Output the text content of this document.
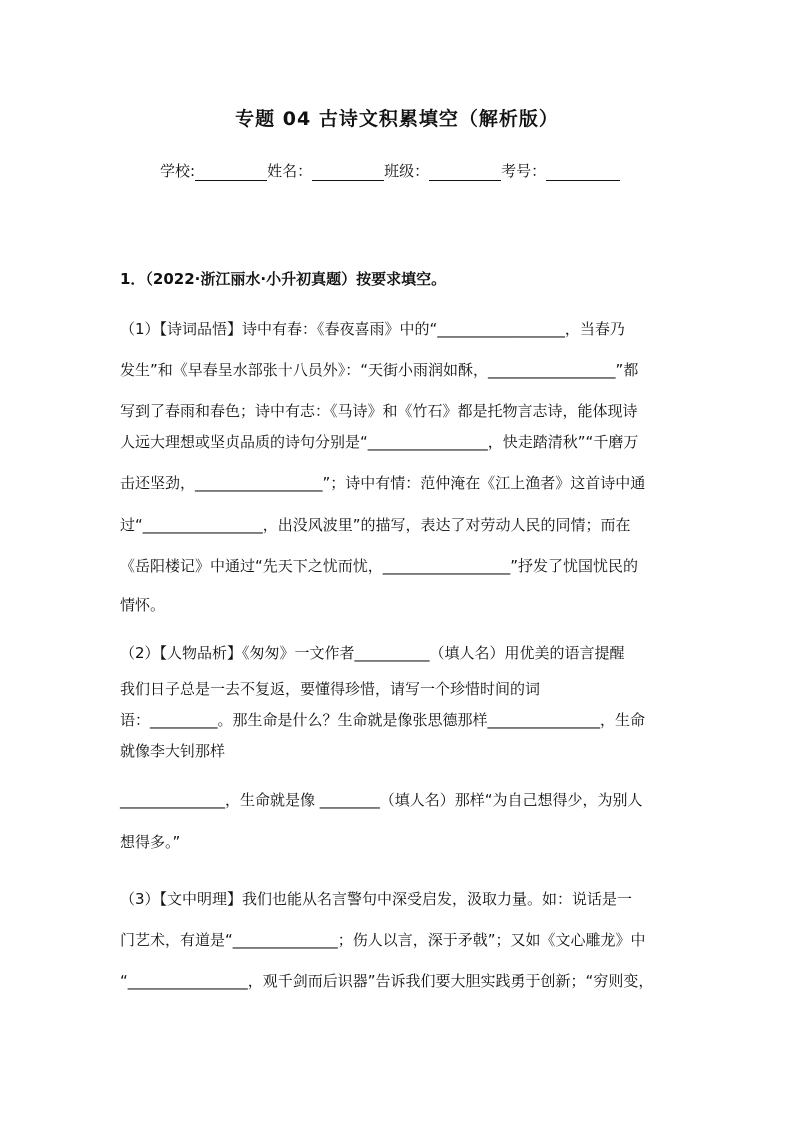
专题 04 古诗文积累填空（解析版）
学校:	姓名：	班级：	考号：
1．（2022·浙江丽水·小升初真题）按要求填空。
（1）【诗词品悟】诗中有春：《春夜喜雨》中的“_________________，当春乃
发生”和《早春呈水部张十八员外》：“天街小雨润如酥，_________________”都
写到了春雨和春色；诗中有志：《马诗》和《竹石》都是托物言志诗，能体现诗
人远大理想或坚贞品质的诗句分别是“________________，快走踏清秋”“千磨万
击还坚劲，_________________”；诗中有情：范仲淹在《江上渔者》这首诗中通
过“________________，出没风波里”的描写，表达了对劳动人民的同情；而在
《岳阳楼记》中通过“先天下之忧而忧，_________________”抒发了忧国忧民的
情怀。
（2）【人物品析】《匆匆》一文作者__________（填人名）用优美的语言提醒
我们日子总是一去不复返，要懂得珍惜，请写一个珍惜时间的词
语：_________。那生命是什么？生命就是像张思德那样_______________，生命
就像李大钊那样
______________，生命就是像 ________（填人名）那样“为自己想得少，为别人
想得多。”
（3）【文中明理】我们也能从名言警句中深受启发，汲取力量。如：说话是一
门艺术，有道是“______________；伤人以言，深于矛戟”；又如《文心雕龙》中
“________________，观千剑而后识器”告诉我们要大胆实践勇于创新；“穷则变，
